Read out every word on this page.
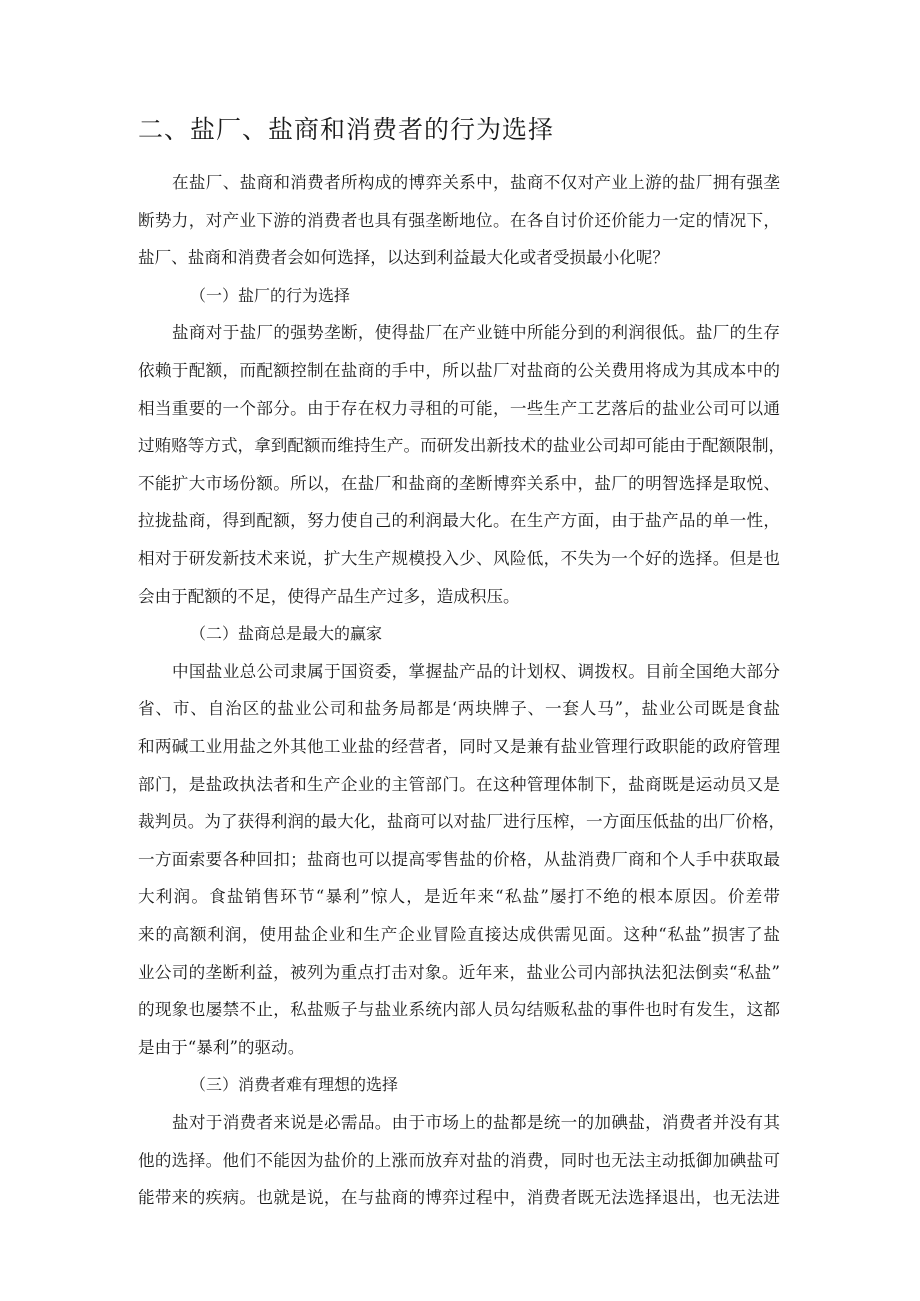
二、盐厂、盐商和消费者的行为选择
在盐厂、盐商和消费者所构成的博弈关系中，盐商不仅对产业上游的盐厂拥有强垄
断势力，对产业下游的消费者也具有强垄断地位。在各自讨价还价能力一定的情况下，
盐厂、盐商和消费者会如何选择，以达到利益最大化或者受损最小化呢？
（一）盐厂的行为选择
盐商对于盐厂的强势垄断，使得盐厂在产业链中所能分到的利润很低。盐厂的生存
依赖于配额，而配额控制在盐商的手中，所以盐厂对盐商的公关费用将成为其成本中的
相当重要的一个部分。由于存在权力寻租的可能，一些生产工艺落后的盐业公司可以通
过贿赂等方式，拿到配额而维持生产。而研发出新技术的盐业公司却可能由于配额限制，
不能扩大市场份额。所以，在盐厂和盐商的垄断博弈关系中，盐厂的明智选择是取悦、
拉拢盐商，得到配额，努力使自己的利润最大化。在生产方面，由于盐产品的单一性，
相对于研发新技术来说，扩大生产规模投入少、风险低，不失为一个好的选择。但是也
会由于配额的不足，使得产品生产过多，造成积压。
（二）盐商总是最大的赢家
中国盐业总公司隶属于国资委，掌握盐产品的计划权、调拨权。目前全国绝大部分
省、市、自治区的盐业公司和盐务局都是‘两块牌子、一套人马”，盐业公司既是食盐
和两碱工业用盐之外其他工业盐的经营者，同时又是兼有盐业管理行政职能的政府管理
部门，是盐政执法者和生产企业的主管部门。在这种管理体制下，盐商既是运动员又是
裁判员。为了获得利润的最大化，盐商可以对盐厂进行压榨，一方面压低盐的出厂价格，
一方面索要各种回扣；盐商也可以提高零售盐的价格，从盐消费厂商和个人手中获取最
大利润。食盐销售环节“暴利”惊人，是近年来“私盐”屡打不绝的根本原因。价差带
来的高额利润，使用盐企业和生产企业冒险直接达成供需见面。这种“私盐”损害了盐
业公司的垄断利益，被列为重点打击对象。近年来，盐业公司内部执法犯法倒卖“私盐”
的现象也屡禁不止，私盐贩子与盐业系统内部人员勾结贩私盐的事件也时有发生，这都
是由于“暴利”的驱动。
（三）消费者难有理想的选择
盐对于消费者来说是必需品。由于市场上的盐都是统一的加碘盐，消费者并没有其
他的选择。他们不能因为盐价的上涨而放弃对盐的消费，同时也无法主动抵御加碘盐可
能带来的疾病。也就是说，在与盐商的博弈过程中，消费者既无法选择退出，也无法进
